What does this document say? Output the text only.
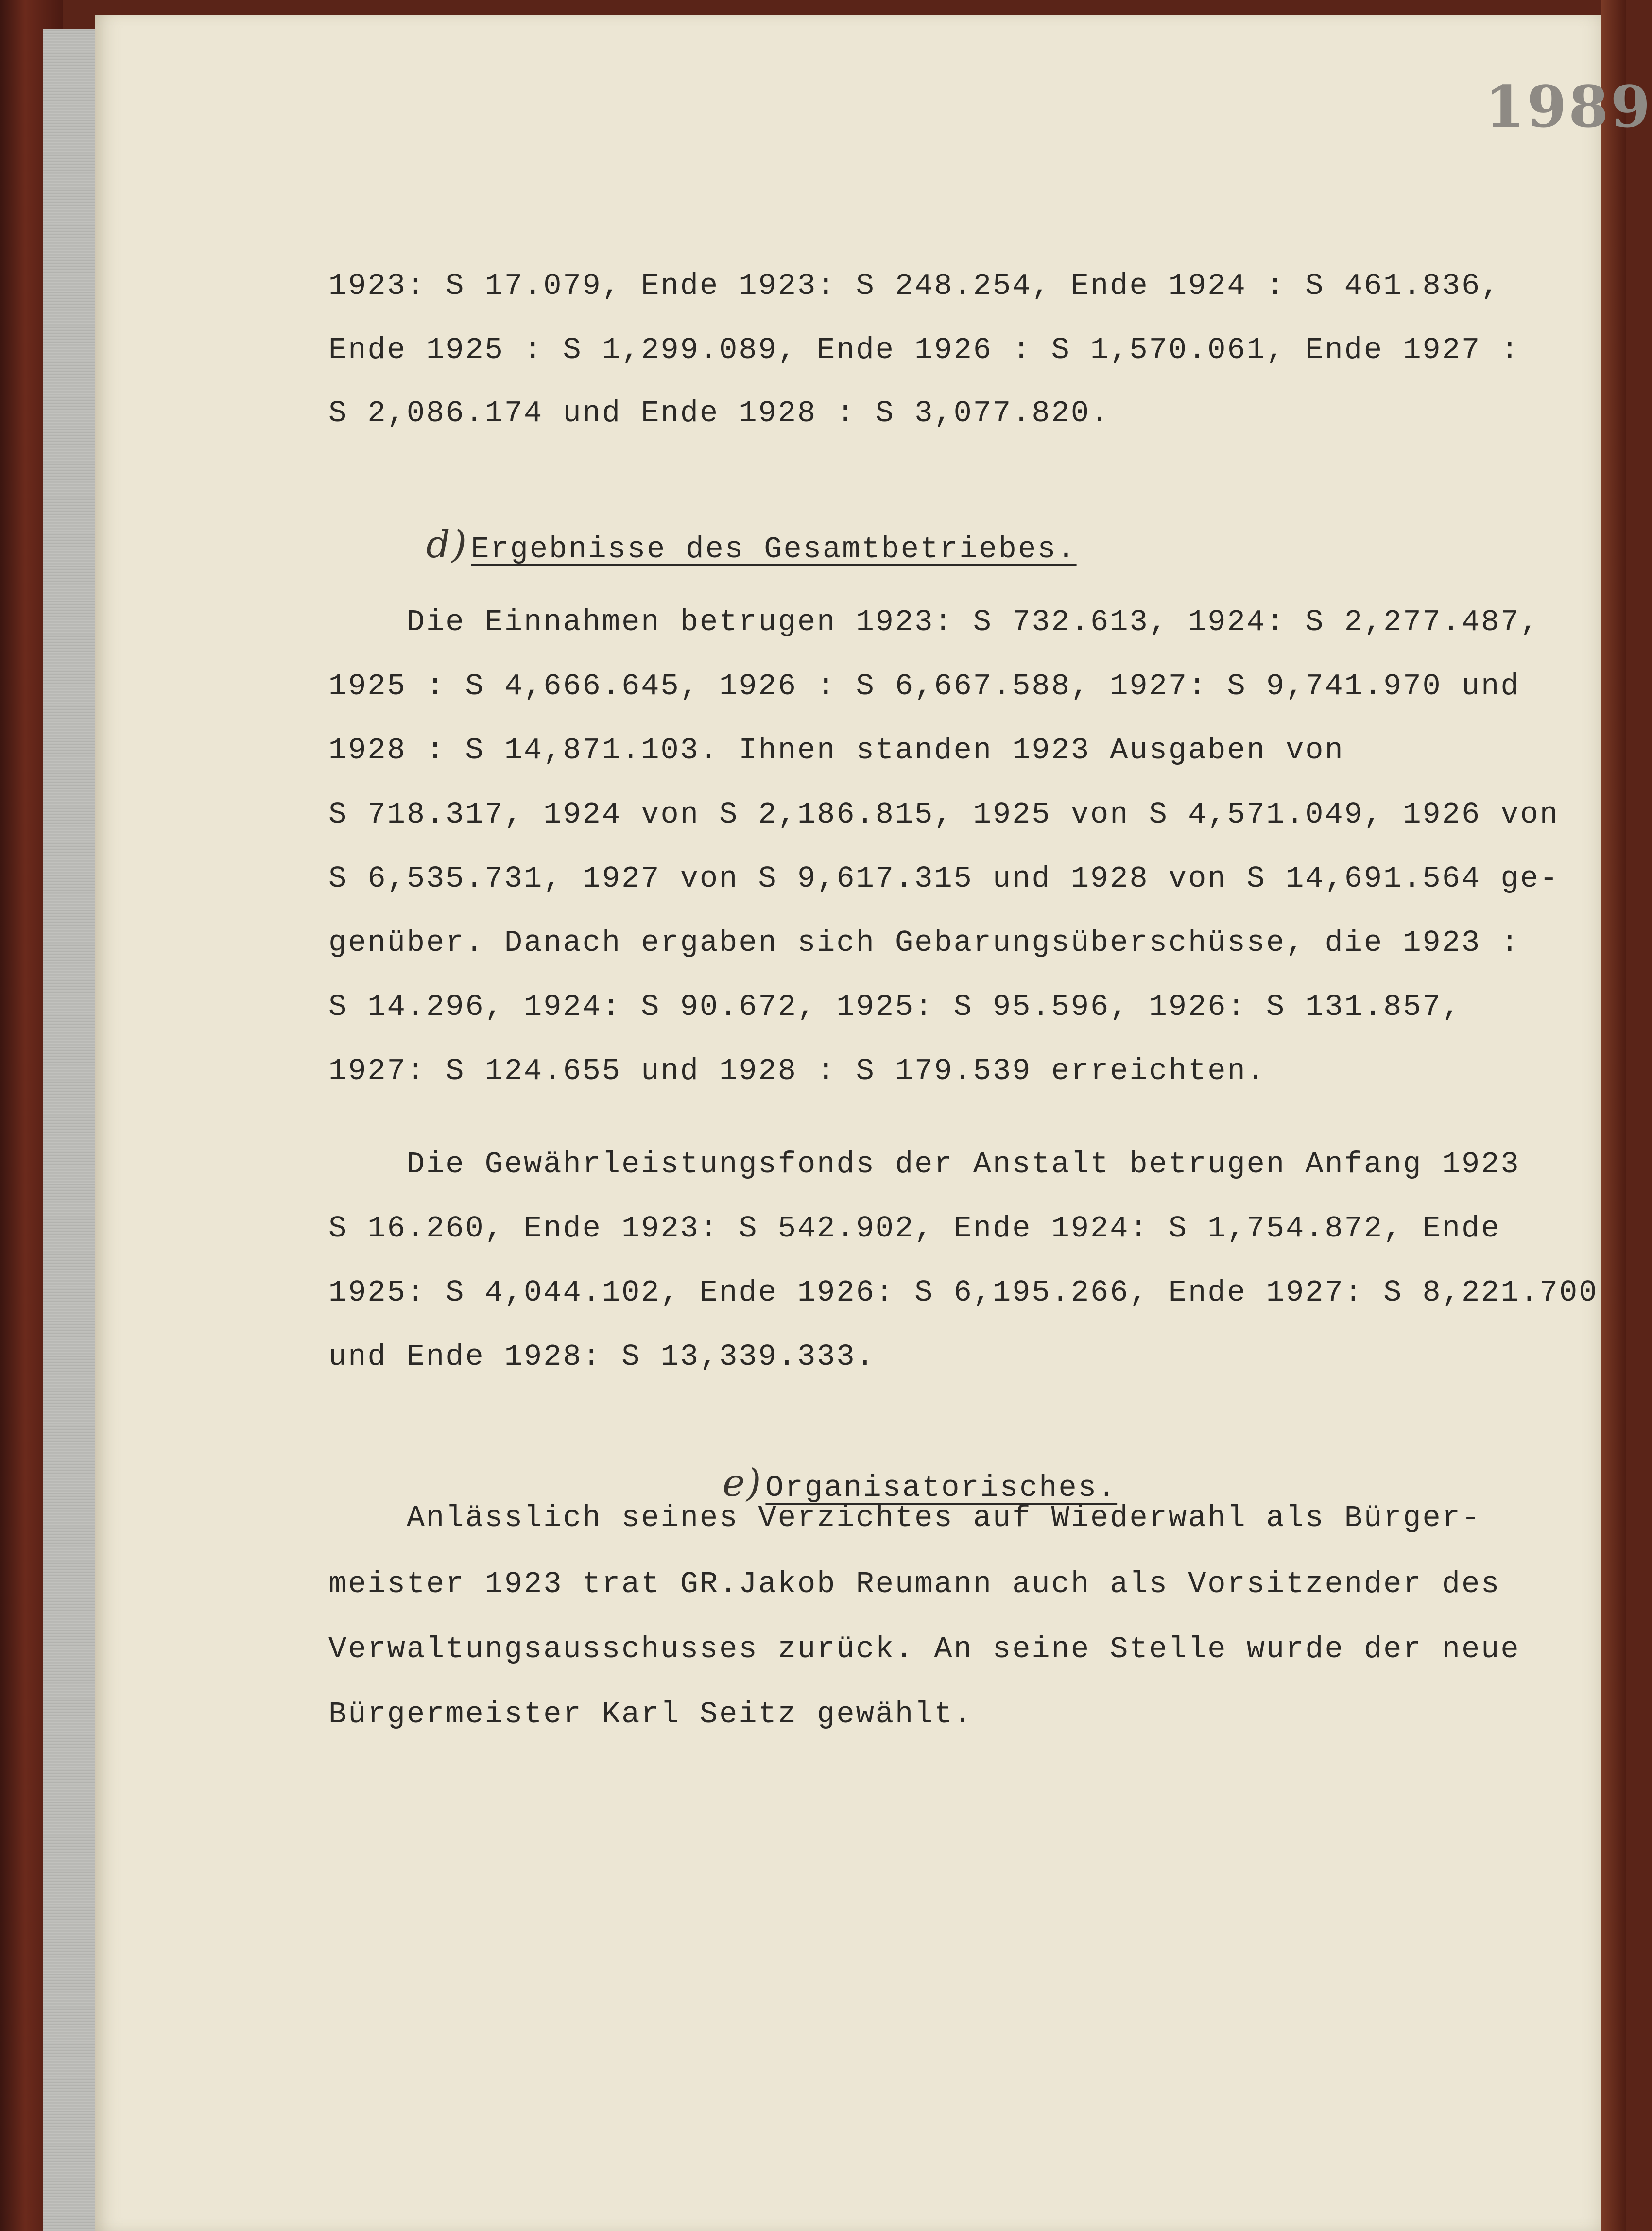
1989
1923: S 17.079, Ende 1923: S 248.254, Ende 1924 : S 461.836,
Ende 1925 : S 1,299.089, Ende 1926 : S 1,570.061, Ende 1927 :
S 2,086.174 und Ende 1928 : S 3,077.820.

d)Ergebnisse des Gesamtbetriebes.

Die Einnahmen betrugen 1923: S 732.613, 1924: S 2,277.487,
1925 : S 4,666.645, 1926 : S 6,667.588, 1927: S 9,741.970 und
1928 : S 14,871.103. Ihnen standen 1923 Ausgaben von
S 718.317, 1924 von S 2,186.815, 1925 von S 4,571.049, 1926 von
S 6,535.731, 1927 von S 9,617.315 und 1928 von S 14,691.564 ge-
genüber. Danach ergaben sich Gebarungsüberschüsse, die 1923 :
S 14.296, 1924: S 90.672, 1925: S 95.596, 1926: S 131.857,
1927: S 124.655 und 1928 : S 179.539 erreichten.
Die Gewährleistungsfonds der Anstalt betrugen Anfang 1923
S 16.260, Ende 1923: S 542.902, Ende 1924: S 1,754.872, Ende
1925: S 4,044.102, Ende 1926: S 6,195.266, Ende 1927: S 8,221.700
und Ende 1928: S 13,339.333.

e)Organisatorisches.

Anlässlich seines Verzichtes auf Wiederwahl als Bürger-
meister 1923 trat GR.Jakob Reumann auch als Vorsitzender des
Verwaltungsausschusses zurück. An seine Stelle wurde der neue
Bürgermeister Karl Seitz gewählt.
